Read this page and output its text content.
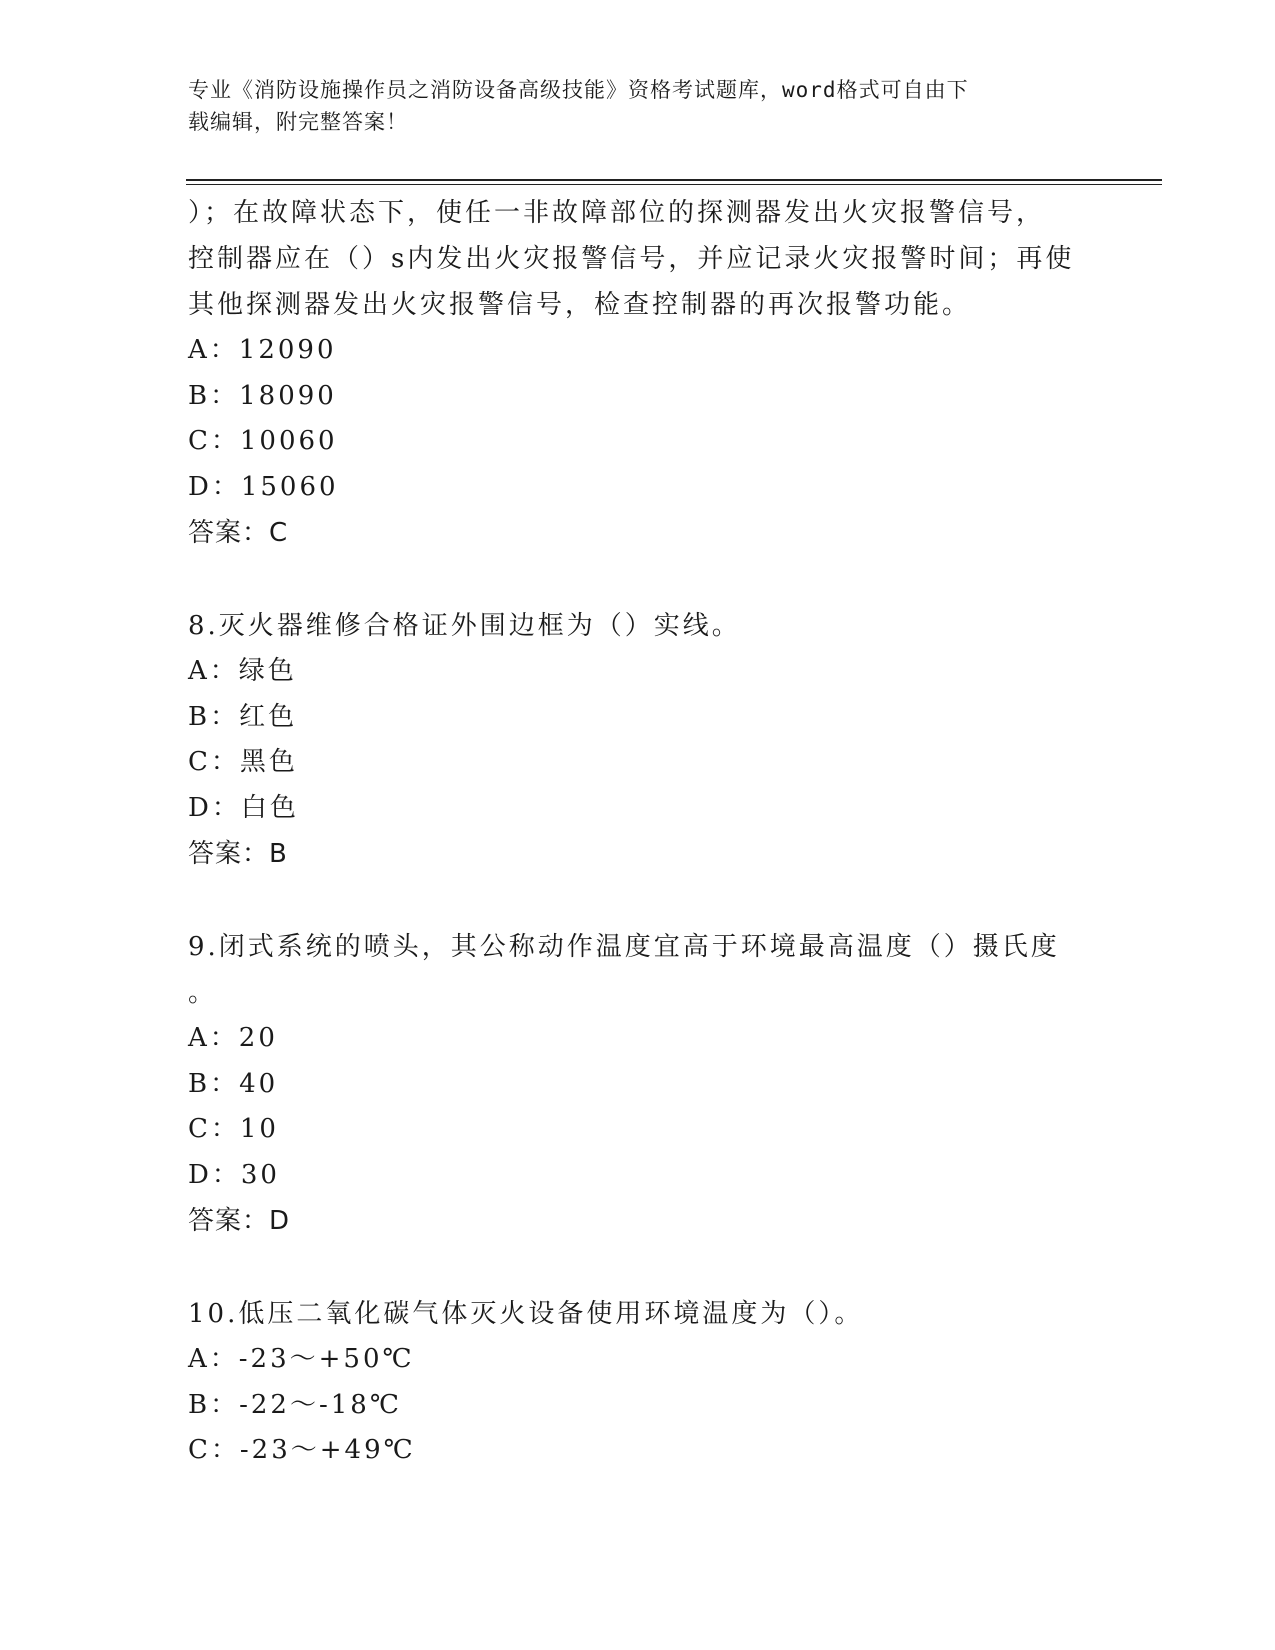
专业《消防设施操作员之消防设备高级技能》资格考试题库，word格式可自由下
载编辑，附完整答案！
）；在故障状态下，使任一非故障部位的探测器发出火灾报警信号，
控制器应在（）s内发出火灾报警信号，并应记录火灾报警时间；再使
其他探测器发出火灾报警信号，检查控制器的再次报警功能。
A：12090
B：18090
C：10060
D：15060
答案：C
8.灭火器维修合格证外围边框为（）实线。
A：绿色
B：红色
C：黑色
D：白色
答案：B
9.闭式系统的喷头，其公称动作温度宜高于环境最高温度（）摄氏度
。
A：20
B：40
C：10
D：30
答案：D
10.低压二氧化碳气体灭火设备使用环境温度为（）。
A：-23～+50℃
B：-22～-18℃
C：-23～+49℃
